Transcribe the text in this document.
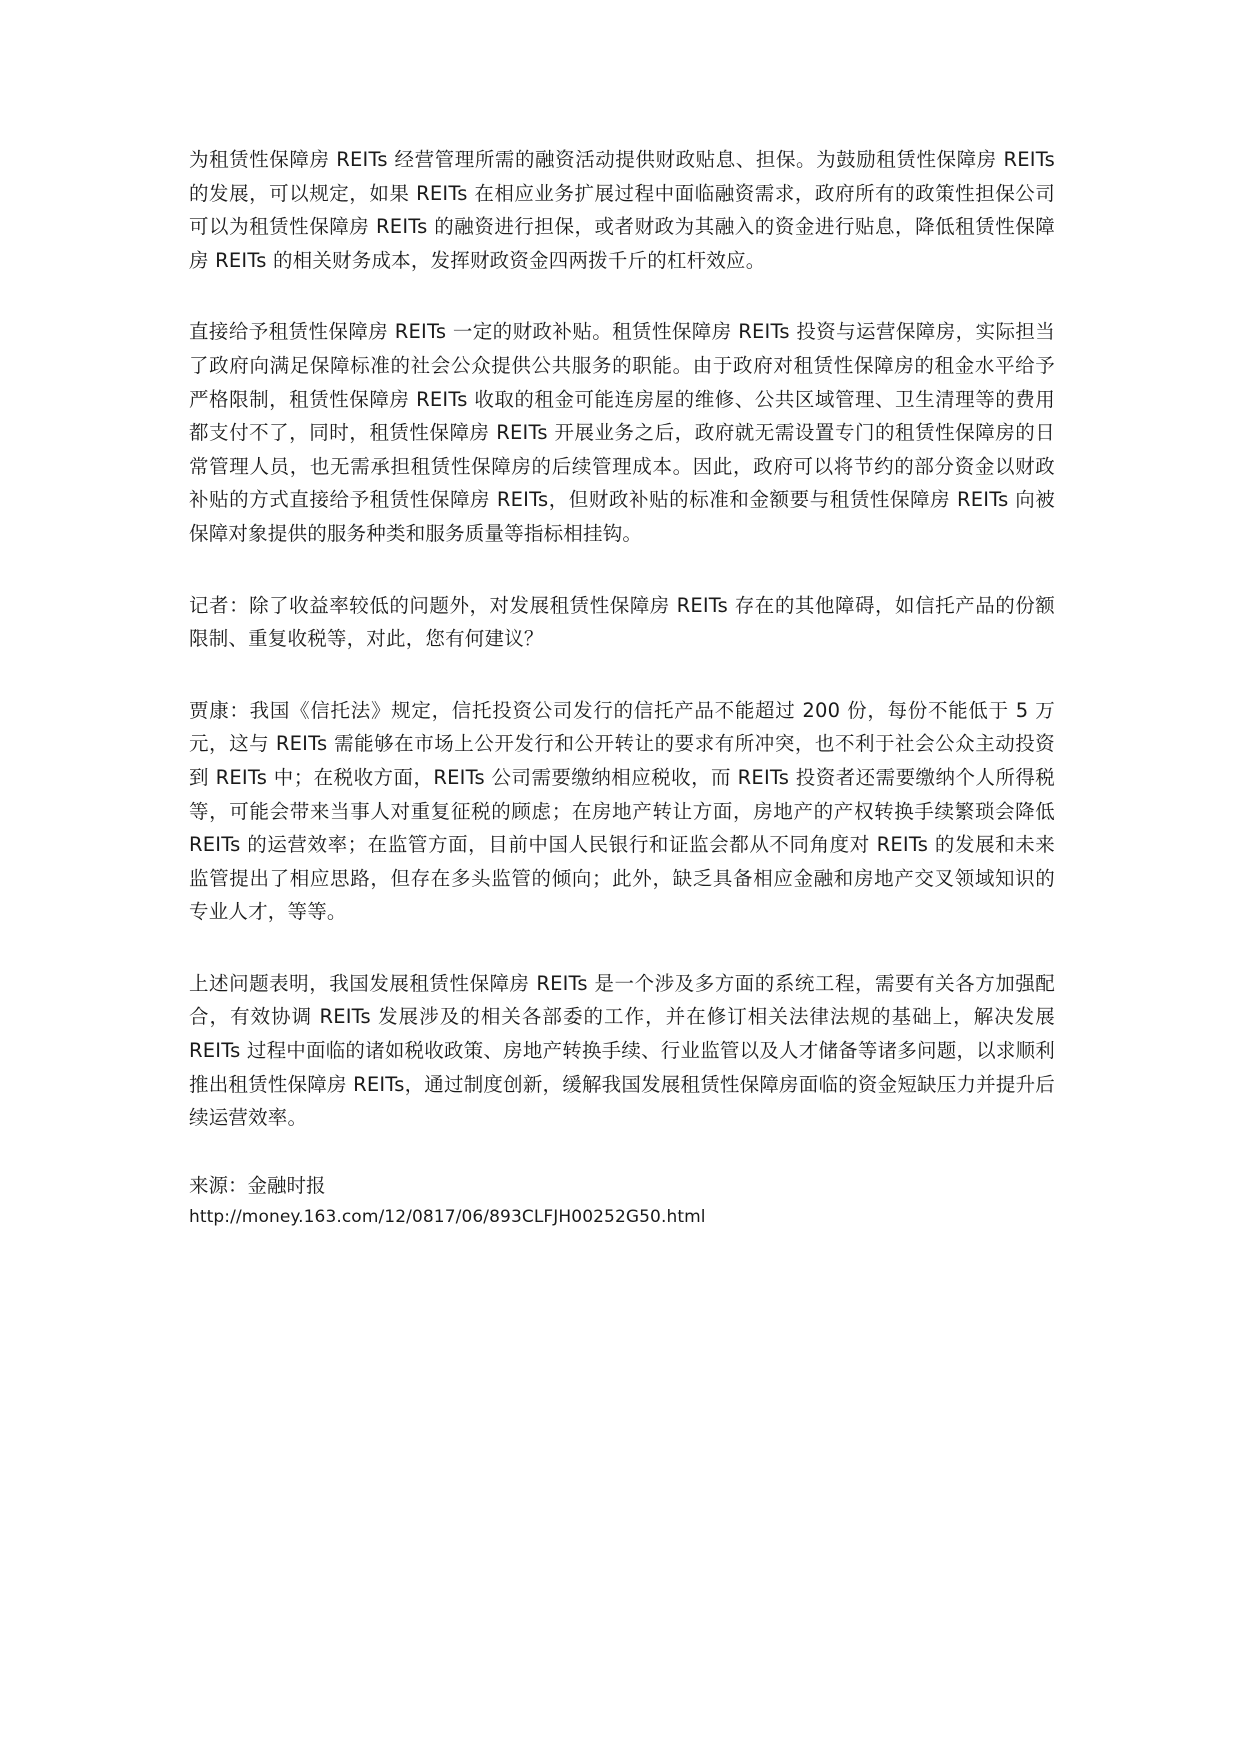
为租赁性保障房 REITs 经营管理所需的融资活动提供财政贴息、担保。为鼓励租赁性保障房 REITs 的发展，可以规定，如果 REITs 在相应业务扩展过程中面临融资需求，政府所有的政策性担保公司可以为租赁性保障房 REITs 的融资进行担保，或者财政为其融入的资金进行贴息，降低租赁性保障房 REITs 的相关财务成本，发挥财政资金四两拨千斤的杠杆效应。

直接给予租赁性保障房 REITs 一定的财政补贴。租赁性保障房 REITs 投资与运营保障房，实际担当了政府向满足保障标准的社会公众提供公共服务的职能。由于政府对租赁性保障房的租金水平给予严格限制，租赁性保障房 REITs 收取的租金可能连房屋的维修、公共区域管理、卫生清理等的费用都支付不了，同时，租赁性保障房 REITs 开展业务之后，政府就无需设置专门的租赁性保障房的日常管理人员，也无需承担租赁性保障房的后续管理成本。因此，政府可以将节约的部分资金以财政补贴的方式直接给予租赁性保障房 REITs，但财政补贴的标准和金额要与租赁性保障房 REITs 向被保障对象提供的服务种类和服务质量等指标相挂钩。

记者：除了收益率较低的问题外，对发展租赁性保障房 REITs 存在的其他障碍，如信托产品的份额限制、重复收税等，对此，您有何建议？

贾康：我国《信托法》规定，信托投资公司发行的信托产品不能超过 200 份，每份不能低于 5 万元，这与 REITs 需能够在市场上公开发行和公开转让的要求有所冲突，也不利于社会公众主动投资到 REITs 中；在税收方面，REITs 公司需要缴纳相应税收，而 REITs 投资者还需要缴纳个人所得税等，可能会带来当事人对重复征税的顾虑；在房地产转让方面，房地产的产权转换手续繁琐会降低 REITs 的运营效率；在监管方面，目前中国人民银行和证监会都从不同角度对 REITs 的发展和未来监管提出了相应思路，但存在多头监管的倾向；此外，缺乏具备相应金融和房地产交叉领域知识的专业人才，等等。

上述问题表明，我国发展租赁性保障房 REITs 是一个涉及多方面的系统工程，需要有关各方加强配合，有效协调 REITs 发展涉及的相关各部委的工作，并在修订相关法律法规的基础上，解决发展 REITs 过程中面临的诸如税收政策、房地产转换手续、行业监管以及人才储备等诸多问题，以求顺利推出租赁性保障房 REITs，通过制度创新，缓解我国发展租赁性保障房面临的资金短缺压力并提升后续运营效率。

来源：金融时报

http://money.163.com/12/0817/06/893CLFJH00252G50.html
